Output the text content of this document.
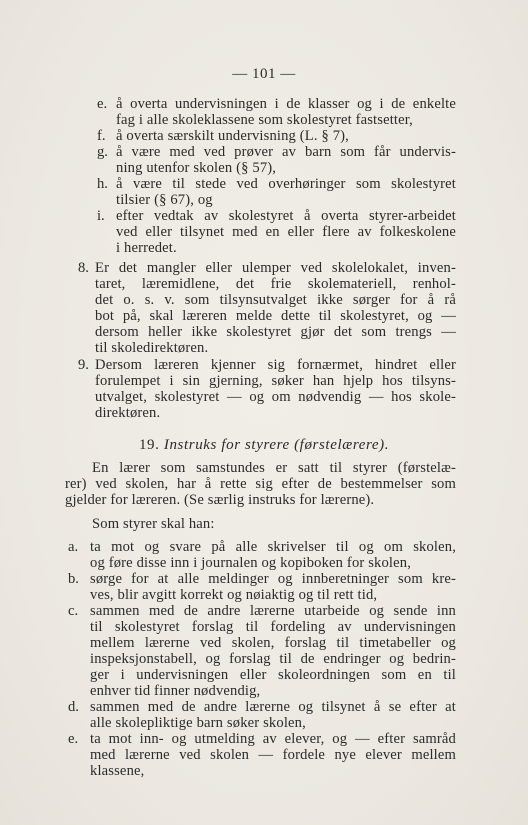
— 101 —
e. å overta undervisningen i de klasser og i de enkelte
fag i alle skoleklassene som skolestyret fastsetter,
f. å overta særskilt undervisning (L. § 7),
g. å være med ved prøver av barn som får undervis-
ning utenfor skolen (§ 57),
h. å være til stede ved overhøringer som skolestyret
tilsier (§ 67), og
i. efter vedtak av skolestyret å overta styrer-arbeidet
ved eller tilsynet med en eller flere av folkeskolene
i herredet.
8. Er det mangler eller ulemper ved skolelokalet, inven-
taret, læremidlene, det frie skolemateriell, renhol-
det o. s. v. som tilsynsutvalget ikke sørger for å rå
bot på, skal læreren melde dette til skolestyret, og —
dersom heller ikke skolestyret gjør det som trengs —
til skoledirektøren.
9. Dersom læreren kjenner sig fornærmet, hindret eller
forulempet i sin gjerning, søker han hjelp hos tilsyns-
utvalget, skolestyret — og om nødvendig — hos skole-
direktøren.
19. Instruks for styrere (førstelærere).
En lærer som samstundes er satt til styrer (førstelæ-
rer) ved skolen, har å rette sig efter de bestemmelser som
gjelder for læreren. (Se særlig instruks for lærerne).
Som styrer skal han:
a. ta mot og svare på alle skrivelser til og om skolen,
og føre disse inn i journalen og kopiboken for skolen,
b. sørge for at alle meldinger og innberetninger som kre-
ves, blir avgitt korrekt og nøiaktig og til rett tid,
c. sammen med de andre lærerne utarbeide og sende inn
til skolestyret forslag til fordeling av undervisningen
mellem lærerne ved skolen, forslag til timetabeller og
inspeksjonstabell, og forslag til de endringer og bedrin-
ger i undervisningen eller skoleordningen som en til
enhver tid finner nødvendig,
d. sammen med de andre lærerne og tilsynet å se efter at
alle skolepliktige barn søker skolen,
e. ta mot inn- og utmelding av elever, og — efter samråd
med lærerne ved skolen — fordele nye elever mellem
klassene,
